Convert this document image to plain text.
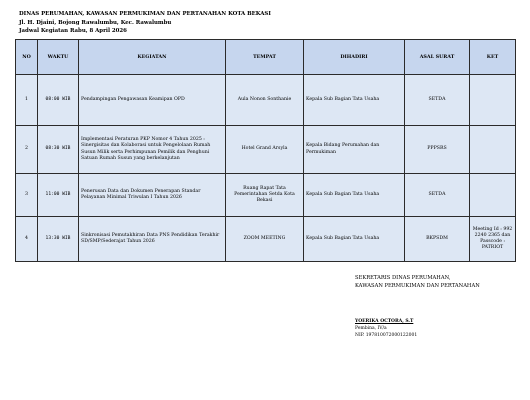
DINAS PERUMAHAN, KAWASAN PERMUKIMAN DAN PERTANAHAN KOTA BEKASI
Jl. H. Djaini, Bojong Rawalumbu, Kec. Rawalumbu
Jadwal Kegiatan Rabu, 8 April 2026
NO	WAKTU	KEGIATAN	TEMPAT	DIHADIRI	ASAL SURAT	KET
1	08:00 WIB	Pendampingan Pengawasan Keamipan OPD	Aula Nonon Sonthanie	Kepala Sub Bagian Tata Usaha	SETDA	
2	08:30 WIB	Implementasi Peraturan PKP Nomor 4 Tahun 2025 : Sinergisitas dan Kolaborasi untuk Pengelolaan Rumah Susun Milik serta Perhimpunan Pemilik dan Penghuni Satuan Rumah Susun yang berkelanjutan	Hotel Grand Arsyla	Kepala Bidang Perumahan dan Permukiman	PPPSRS	
3	11:00 WIB	Penerusan Data dan Dokumen Penerapan Standar Pelayanan Minimal Triwulan I Tahun 2026	Ruang Rapat Tata Pemerintahan Setda Kota Bekasi	Kepala Sub Bagian Tata Usaha	SETDA	
4	13:30 WIB	Sinkronisasi Pemutakhiran Data PNS Pendidikan Terakhir SD/SMP/Sederajat Tahun 2026	ZOOM MEETING	Kepala Sub Bagian Tata Usaha	BKPSDM	Meeting Id : 992 2240 2365 dan Passcode : PATRIOT
SEKRETARIS DINAS PERUMAHAN,
KAWASAN PERMUKIMAN DAN PERTANAHAN
YOERIKA OCTORA, S.T
Pembina, IV/a
NIP. 197810072000122001
